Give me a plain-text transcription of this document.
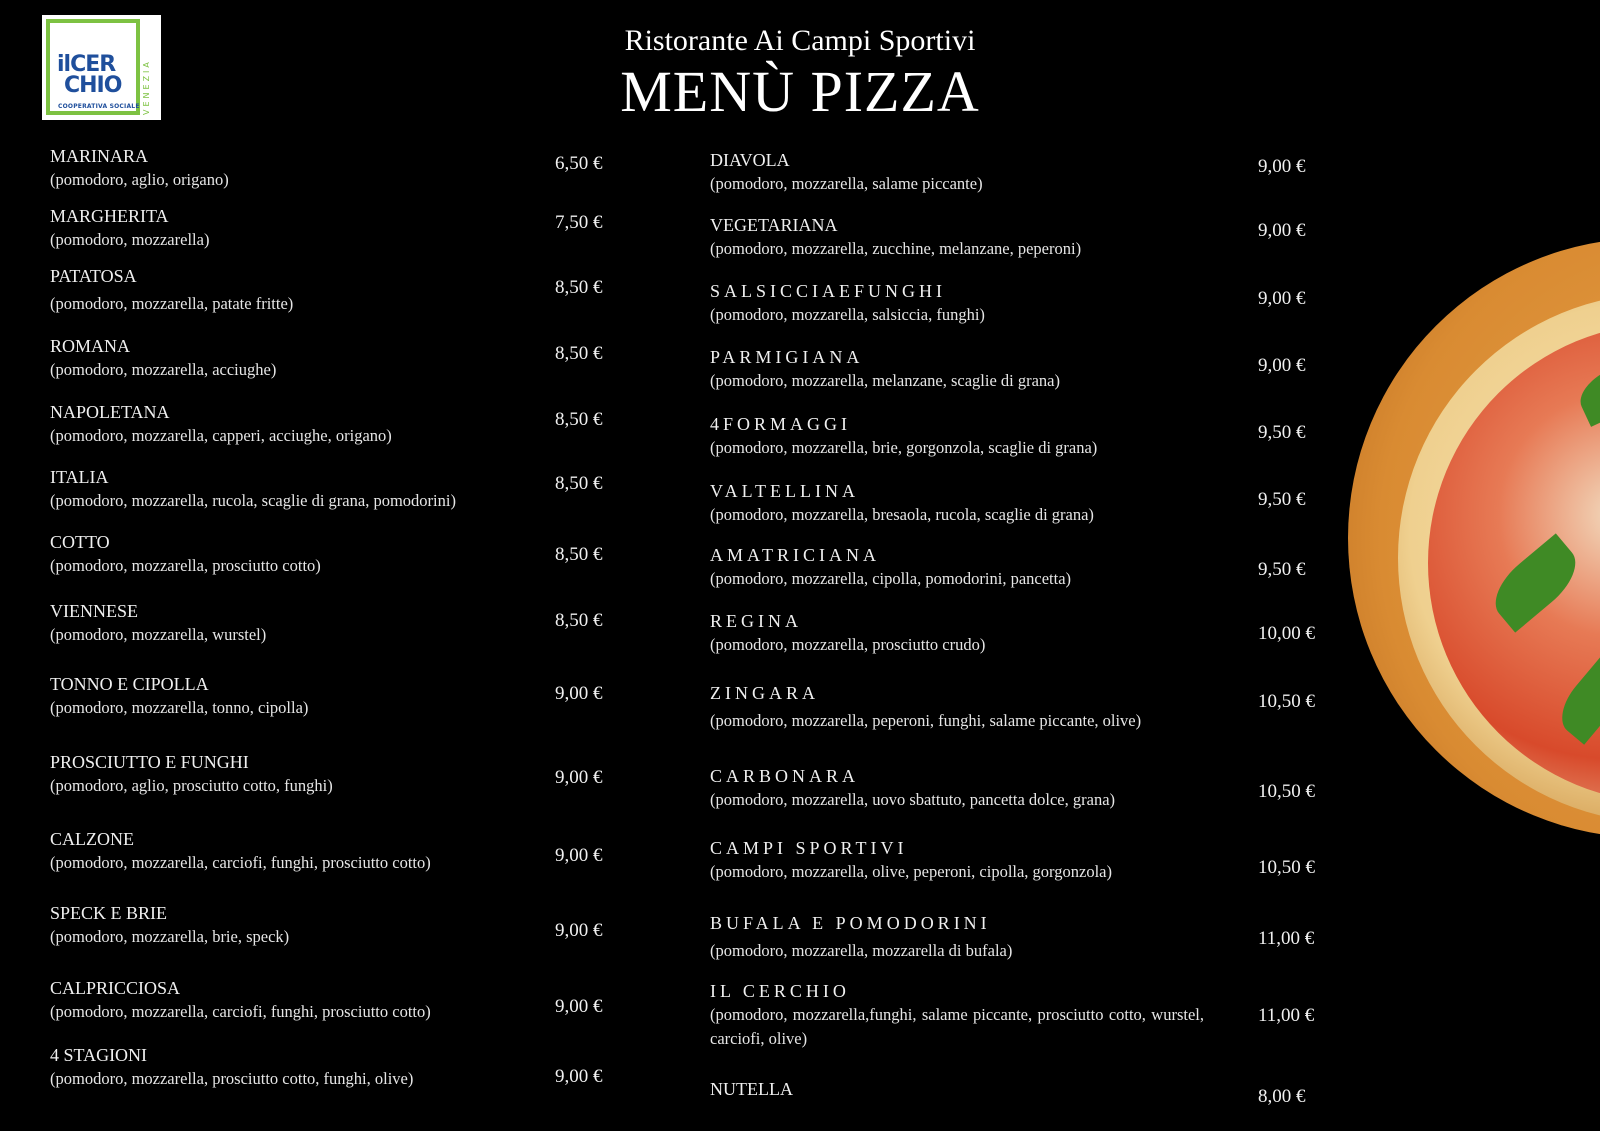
ilCER
CHIO
COOPERATIVA SOCIALE VENEZIA
Ristorante Ai Campi Sportivi
MENÙ PIZZA
MARINARA
(pomodoro, aglio, origano)
6,50 €
MARGHERITA
(pomodoro, mozzarella)
7,50 €
PATATOSA
(pomodoro, mozzarella, patate fritte)
8,50 €
ROMANA
(pomodoro, mozzarella, acciughe)
8,50 €
NAPOLETANA
(pomodoro, mozzarella, capperi, acciughe, origano)
8,50 €
ITALIA
(pomodoro, mozzarella, rucola, scaglie di grana, pomodorini)
8,50 €
COTTO
(pomodoro, mozzarella, prosciutto cotto)
8,50 €
VIENNESE
(pomodoro, mozzarella, wurstel)
8,50 €
TONNO E CIPOLLA
(pomodoro, mozzarella, tonno, cipolla)
9,00 €
PROSCIUTTO E FUNGHI
(pomodoro, aglio, prosciutto cotto, funghi)	9,00 €
CALZONE
(pomodoro, mozzarella, carciofi, funghi, prosciutto cotto)	9,00 €
SPECK E BRIE
(pomodoro, mozzarella, brie, speck)	9,00 €
CALPRICCIOSA
(pomodoro, mozzarella, carciofi, funghi, prosciutto cotto)	9,00 €
4 STAGIONI
(pomodoro, mozzarella, prosciutto cotto, funghi, olive)	9,00 €
DIAVOLA
(pomodoro, mozzarella, salame piccante)
9,00 €
VEGETARIANA
(pomodoro, mozzarella, zucchine, melanzane, peperoni)
9,00 €
SALSICCIAEFUNGHI
(pomodoro, mozzarella, salsiccia, funghi)
9,00 €
PARMIGIANA
(pomodoro, mozzarella, melanzane, scaglie di grana)
9,00 €
4FORMAGGI
(pomodoro, mozzarella, brie, gorgonzola, scaglie di grana)
9,50 €
VALTELLINA
(pomodoro, mozzarella, bresaola, rucola, scaglie di grana)
9,50 €
AMATRICIANA
(pomodoro, mozzarella, cipolla, pomodorini, pancetta)	9,50 €
REGINA
(pomodoro, mozzarella, prosciutto crudo)
10,00 €
ZINGARA
(pomodoro, mozzarella, peperoni, funghi, salame piccante, olive)
10,50 €
CARBONARA
(pomodoro, mozzarella, uovo sbattuto, pancetta dolce, grana)	10,50 €
CAMPI SPORTIVI
(pomodoro, mozzarella, olive, peperoni, cipolla, gorgonzola)	10,50 €
BUFALA E POMODORINI
(pomodoro, mozzarella, mozzarella di bufala)
11,00 €
IL CERCHIO
(pomodoro, mozzarella,funghi, salame piccante, prosciutto cotto, wurstel, carciofi, olive)
11,00 €
NUTELLA	8,00 €
